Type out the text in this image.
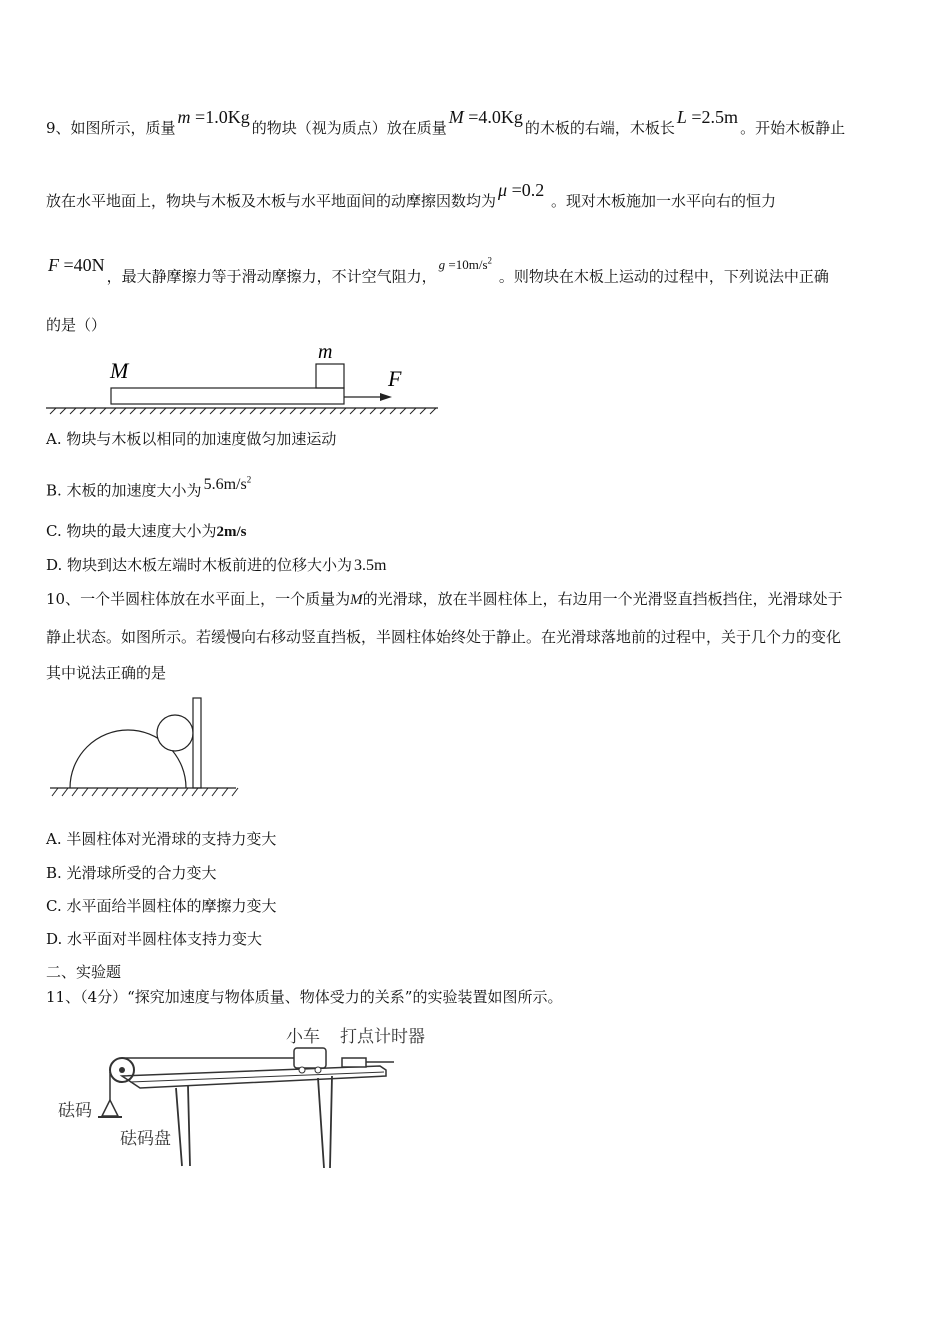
9、如图所示，质量m =1.0Kg的物块（视为质点）放在质量M =4.0Kg的木板的右端，木板长L =2.5m。开始木板静止
放在水平地面上，物块与木板及木板与水平地面间的动摩擦因数均为μ =0.2 。现对木板施加一水平向右的恒力
F =40N，最大静摩擦力等于滑动摩擦力，不计空气阻力，$g =10m/s^2$ 。则物块在木板上运动的过程中，下列说法中正确
的是（）
M
m
F
A. 物块与木板以相同的加速度做匀加速运动
B. 木板的加速度大小为 $5.6m/s^2$
C. 物块的最大速度大小为2m/s
D. 物块到达木板左端时木板前进的位移大小为 3.5m
10、一个半圆柱体放在水平面上，一个质量为M的光滑球，放在半圆柱体上，右边用一个光滑竖直挡板挡住，光滑球处于
静止状态。如图所示。若缓慢向右移动竖直挡板，半圆柱体始终处于静止。在光滑球落地前的过程中，关于几个力的变化
其中说法正确的是
A. 半圆柱体对光滑球的支持力变大
B. 光滑球所受的合力变大
C. 水平面给半圆柱体的摩擦力变大
D. 水平面对半圆柱体支持力变大
二、实验题
11、（4分）“探究加速度与物体质量、物体受力的关系”的实验装置如图所示。
小车 打点计时器
砝码
砝码盘
